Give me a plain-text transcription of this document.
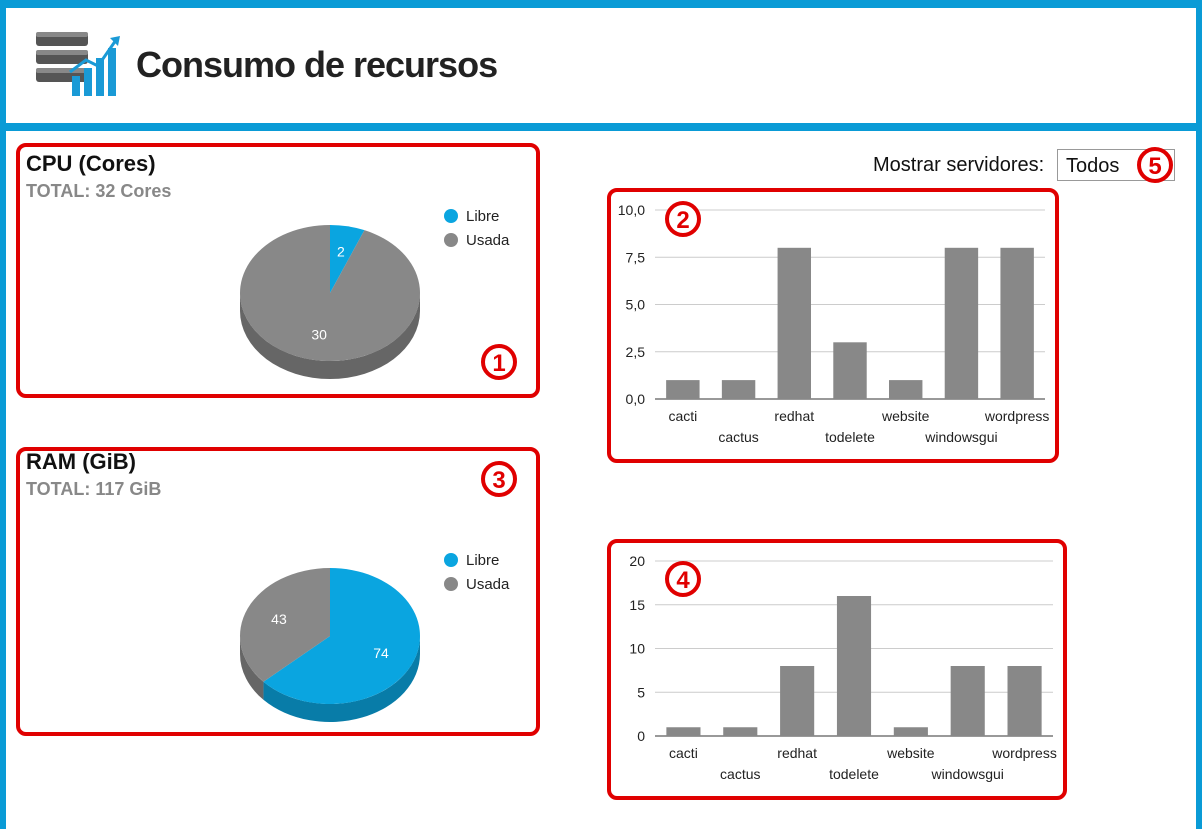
Consumo de recursos
CPU (Cores)
TOTAL: 32 Cores
Libre
Usada
2
30
RAM (GiB)
TOTAL: 117 GiB
Libre
Usada
74
43
Mostrar servidores: Todos
0,0
2,5
5,0
7,5
10,0
cacti
cactus
redhat
todelete
website
windowsgui
wordpress
0
5
10
15
20
cacti
cactus
redhat
todelete
website
windowsgui
wordpress
1
2
3
4
5
